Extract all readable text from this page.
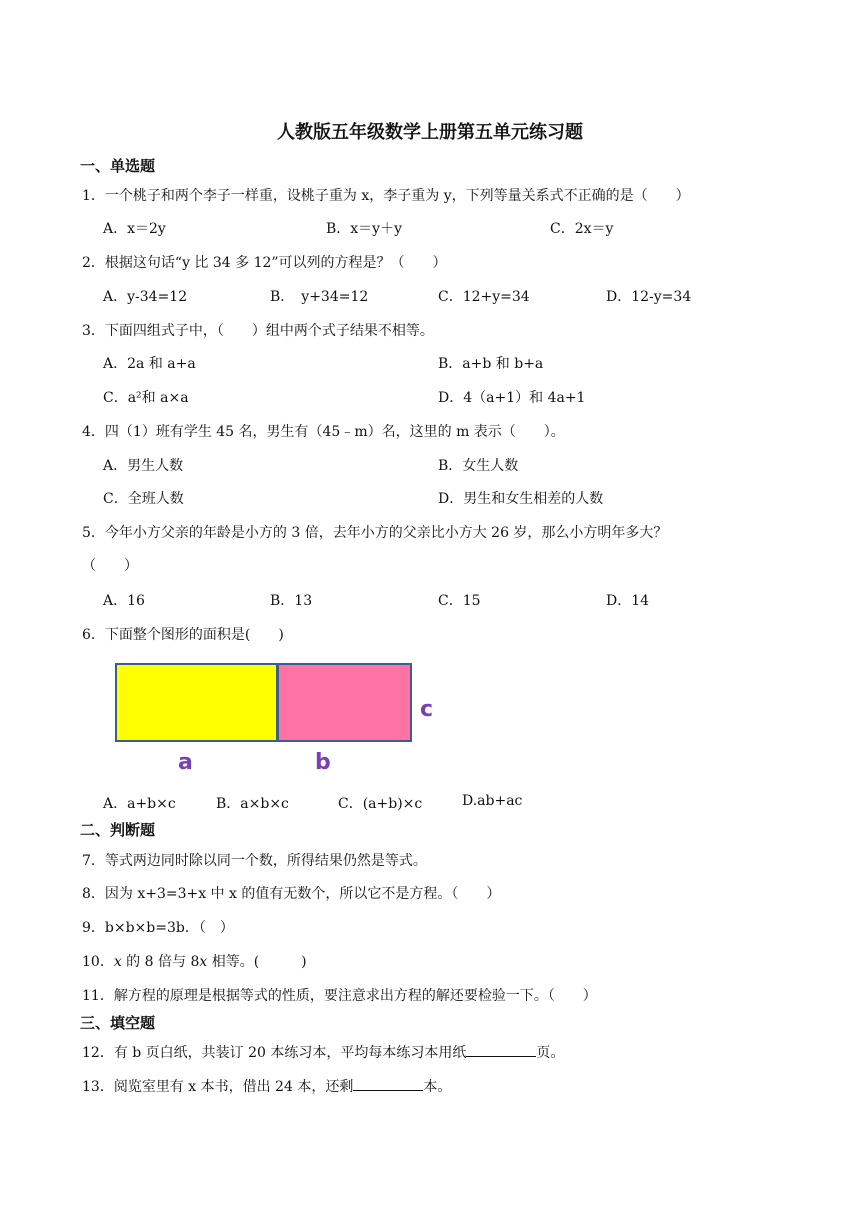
人教版五年级数学上册第五单元练习题
一、单选题
1．一个桃子和两个李子一样重，设桃子重为 x，李子重为 y，下列等量关系式不正确的是（　　）
A．x＝2y	B．x＝y＋y	C．2x＝y
2．根据这句话“y 比 34 多 12”可以列的方程是？（　　）
A．y-34=12	B．　y+34=12	C．12+y=34	D．12-y=34
3．下面四组式子中，（　　）组中两个式子结果不相等。
A．2a 和 a+a	B．a+b 和 b+a
C．a²和 a×a	D．4（a+1）和 4a+1
4．四（1）班有学生 45 名，男生有（45﹣m）名，这里的 m 表示（　　）。
A．男生人数	B．女生人数
C．全班人数	D．男生和女生相差的人数
5．今年小方父亲的年龄是小方的 3 倍，去年小方的父亲比小方大 26 岁，那么小方明年多大？
（　　）
A．16	B．13	C．15	D．14
6．下面整个图形的面积是(　　)
c
a	b
A．a+b×c	B．a×b×c	C．(a+b)×c	D.ab+ac
二、判断题
7．等式两边同时除以同一个数，所得结果仍然是等式。
8．因为 x+3=3+x 中 x 的值有无数个，所以它不是方程。（　　）
9．b×b×b=3b．（　）
10．x 的 8 倍与 8x 相等。(　　　)
11．解方程的原理是根据等式的性质，要注意求出方程的解还要检验一下。（　　）
三、填空题
12．有 b 页白纸，共装订 20 本练习本，平均每本练习本用纸	页。
13．阅览室里有 x 本书，借出 24 本，还剩	本。
